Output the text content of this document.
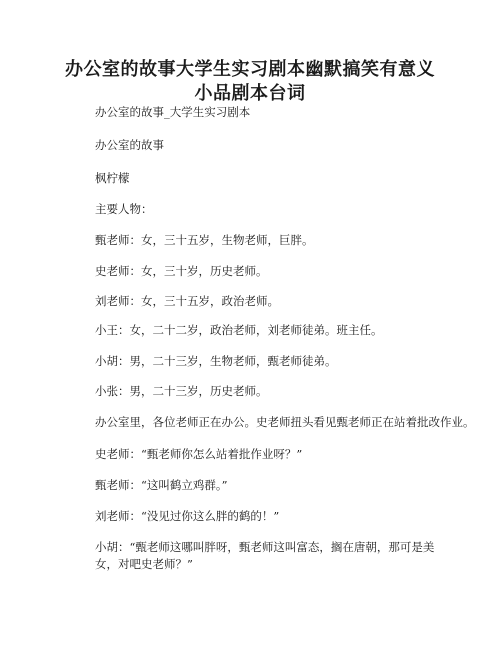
办公室的故事大学生实习剧本幽默搞笑有意义小品剧本台词
办公室的故事_大学生实习剧本
办公室的故事
枫柠檬
主要人物：
甄老师：女，三十五岁，生物老师，巨胖。
史老师：女，三十岁，历史老师。
刘老师：女，三十五岁，政治老师。
小王：女，二十二岁，政治老师，刘老师徒弟。班主任。
小胡：男，二十三岁，生物老师，甄老师徒弟。
小张：男，二十三岁，历史老师。
办公室里，各位老师正在办公。史老师扭头看见甄老师正在站着批改作业。
史老师：“甄老师你怎么站着批作业呀？”
甄老师：“这叫鹤立鸡群。”
刘老师：“没见过你这么胖的鹤的！”
小胡：“甄老师这哪叫胖呀，甄老师这叫富态，搁在唐朝，那可是美女，对吧史老师？”
